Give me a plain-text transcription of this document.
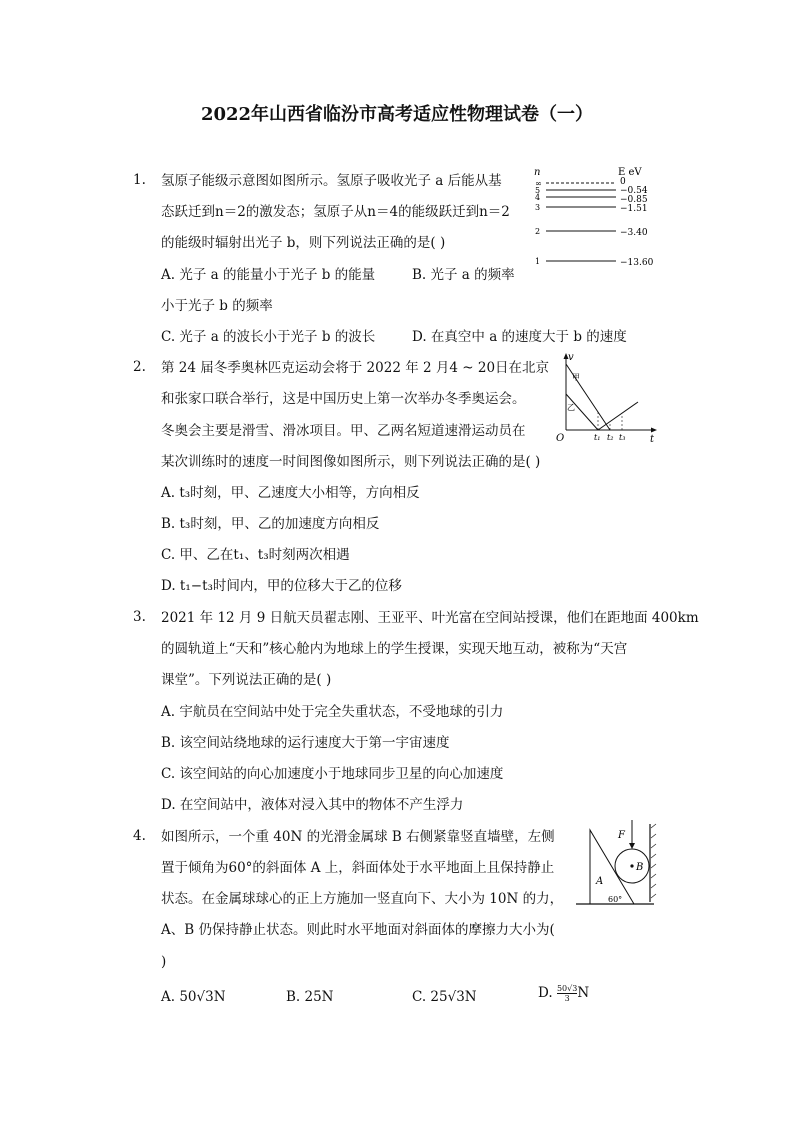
2022年山西省临汾市高考适应性物理试卷（一）
1. 氢原子能级示意图如图所示。氢原子吸收光子 a 后能从基
态跃迁到n＝2的激发态；氢原子从n＝4的能级跃迁到n＝2
的能级时辐射出光子 b，则下列说法正确的是( )
A. 光子 a 的能量小于光子 b 的能量	B. 光子 a 的频率
小于光子 b 的频率
C. 光子 a 的波长小于光子 b 的波长	D. 在真空中 a 的速度大于 b 的速度
n	E eV
∞
5
4
3
2
1
0
−0.54
−0.85
−1.51
−3.40
−13.60
2. 第 24 届冬季奥林匹克运动会将于 2022 年 2 月4 ~ 20日在北京
和张家口联合举行，这是中国历史上第一次举办冬季奥运会。
冬奥会主要是滑雪、滑冰项目。甲、乙两名短道速滑运动员在
某次训练时的速度一时间图像如图所示，则下列说法正确的是( )
A. t₃时刻，甲、乙速度大小相等，方向相反
B. t₃时刻，甲、乙的加速度方向相反
C. 甲、乙在t₁、t₃时刻两次相遇
D. t₁−t₃时间内，甲的位移大于乙的位移
v
t
O
甲
乙
t₁ t₂ t₃
3. 2021 年 12 月 9 日航天员翟志刚、王亚平、叶光富在空间站授课，他们在距地面 400km
的圆轨道上“天和”核心舱内为地球上的学生授课，实现天地互动，被称为“天宫
课堂”。下列说法正确的是( )
A. 宇航员在空间站中处于完全失重状态，不受地球的引力
B. 该空间站绕地球的运行速度大于第一宇宙速度
C. 该空间站的向心加速度小于地球同步卫星的向心加速度
D. 在空间站中，液体对浸入其中的物体不产生浮力
4. 如图所示，一个重 40N 的光滑金属球 B 右侧紧靠竖直墙壁，左侧
置于倾角为60°的斜面体 A 上，斜面体处于水平地面上且保持静止
状态。在金属球球心的正上方施加一竖直向下、大小为 10N 的力，
A、B 仍保持静止状态。则此时水平地面对斜面体的摩擦力大小为(
)
A. 50√3N	B. 25N	C. 25√3N	D. $\frac{50√3}{3}$ N
F
A
B
60°
